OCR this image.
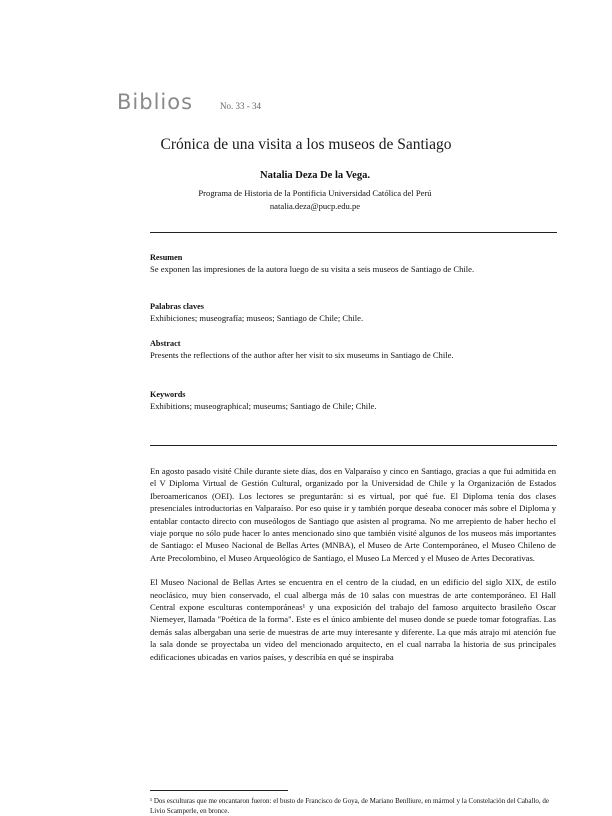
Biblios	No. 33 - 34
Crónica de una visita a los museos de Santiago
Natalia Deza De la Vega.
Programa de Historia de la Pontificia Universidad Católica del Perú
natalia.deza@pucp.edu.pe
Resumen
Se exponen las impresiones de la autora luego de su visita a seis museos de Santiago de Chile.
Palabras claves
Exhibiciones; museografía; museos; Santiago de Chile; Chile.
Abstract
Presents the reflections of the author after her visit to six museums in Santiago de Chile.
Keywords
Exhibitions; museographical; museums; Santiago de Chile; Chile.

En agosto pasado visité Chile durante siete días, dos en Valparaíso y cinco en Santiago, gracias a que fui admitida en el V Diploma Virtual de Gestión Cultural, organizado por la Universidad de Chile y la Organización de Estados Iberoamericanos (OEI). Los lectores se preguntarán: si es virtual, por qué fue. El Diploma tenía dos clases presenciales introductorias en Valparaíso. Por eso quise ir y también porque deseaba conocer más sobre el Diploma y entablar contacto directo con museólogos de Santiago que asisten al programa. No me arrepiento de haber hecho el viaje porque no sólo pude hacer lo antes mencionado sino que también visité algunos de los museos más importantes de Santiago: el Museo Nacional de Bellas Artes (MNBA), el Museo de Arte Contemporáneo, el Museo Chileno de Arte Precolombino, el Museo Arqueológico de Santiago, el Museo La Merced y el Museo de Artes Decorativas.

El Museo Nacional de Bellas Artes se encuentra en el centro de la ciudad, en un edificio del siglo XIX, de estilo neoclásico, muy bien conservado, el cual alberga más de 10 salas con muestras de arte contemporáneo. El Hall Central expone esculturas contemporáneas¹ y una exposición del trabajo del famoso arquitecto brasileño Oscar Niemeyer, llamada "Poética de la forma". Este es el único ambiente del museo donde se puede tomar fotografías. Las demás salas albergaban una serie de muestras de arte muy interesante y diferente. La que más atrajo mi atención fue la sala donde se proyectaba un video del mencionado arquitecto, en el cual narraba la historia de sus principales edificaciones ubicadas en varios países, y describía en qué se inspiraba

¹ Dos esculturas que me encantaron fueron: el busto de Francisco de Goya, de Mariano Benlliure, en mármol y la Constelación del Caballo, de Livio Scamperle, en bronce.
